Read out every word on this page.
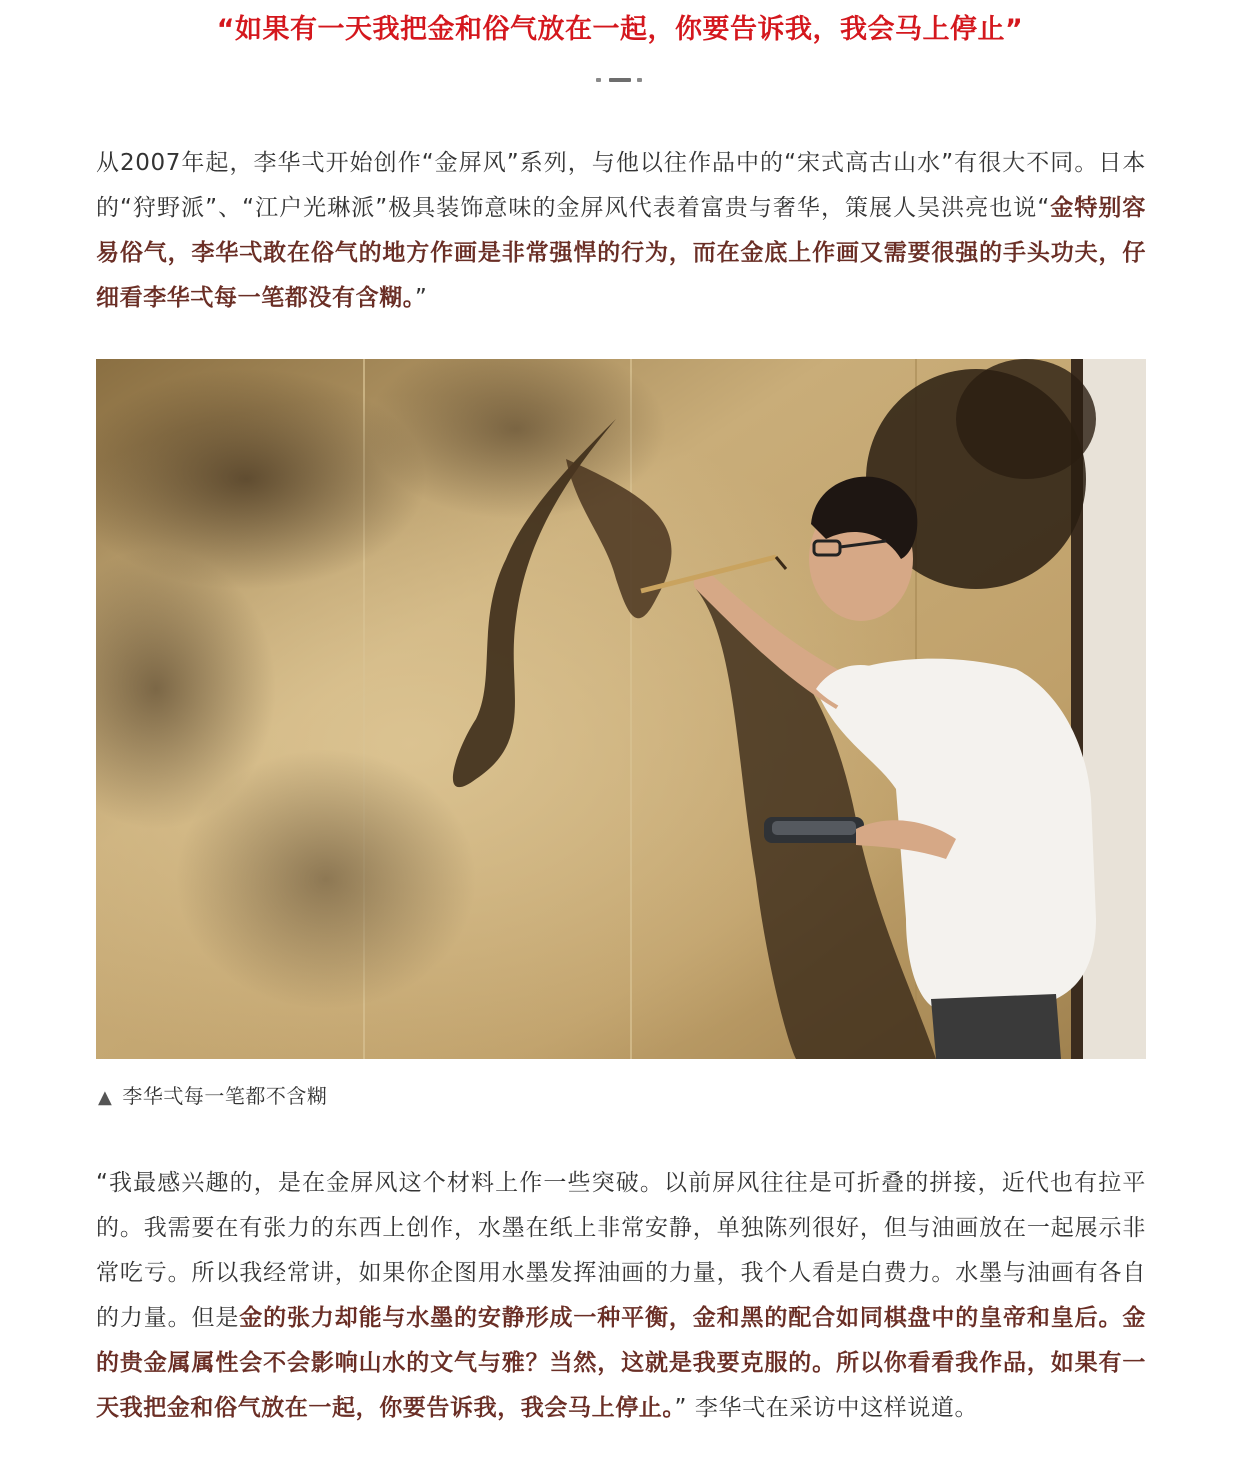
“如果有一天我把金和俗气放在一起，你要告诉我，我会马上停止”

从2007年起，李华弌开始创作“金屏风”系列，与他以往作品中的“宋式高古山水”有很大不同。日本的“狩野派”、“江户光琳派”极具装饰意味的金屏风代表着富贵与奢华，策展人吴洪亮也说“金特别容易俗气，李华弌敢在俗气的地方作画是非常强悍的行为，而在金底上作画又需要很强的手头功夫，仔细看李华弌每一笔都没有含糊。”

▲ 李华弌每一笔都不含糊

“我最感兴趣的，是在金屏风这个材料上作一些突破。以前屏风往往是可折叠的拼接，近代也有拉平的。我需要在有张力的东西上创作，水墨在纸上非常安静，单独陈列很好，但与油画放在一起展示非常吃亏。所以我经常讲，如果你企图用水墨发挥油画的力量，我个人看是白费力。水墨与油画有各自的力量。但是金的张力却能与水墨的安静形成一种平衡，金和黑的配合如同棋盘中的皇帝和皇后。金的贵金属属性会不会影响山水的文气与雅？当然，这就是我要克服的。所以你看看我作品，如果有一天我把金和俗气放在一起，你要告诉我，我会马上停止。” 李华弌在采访中这样说道。
